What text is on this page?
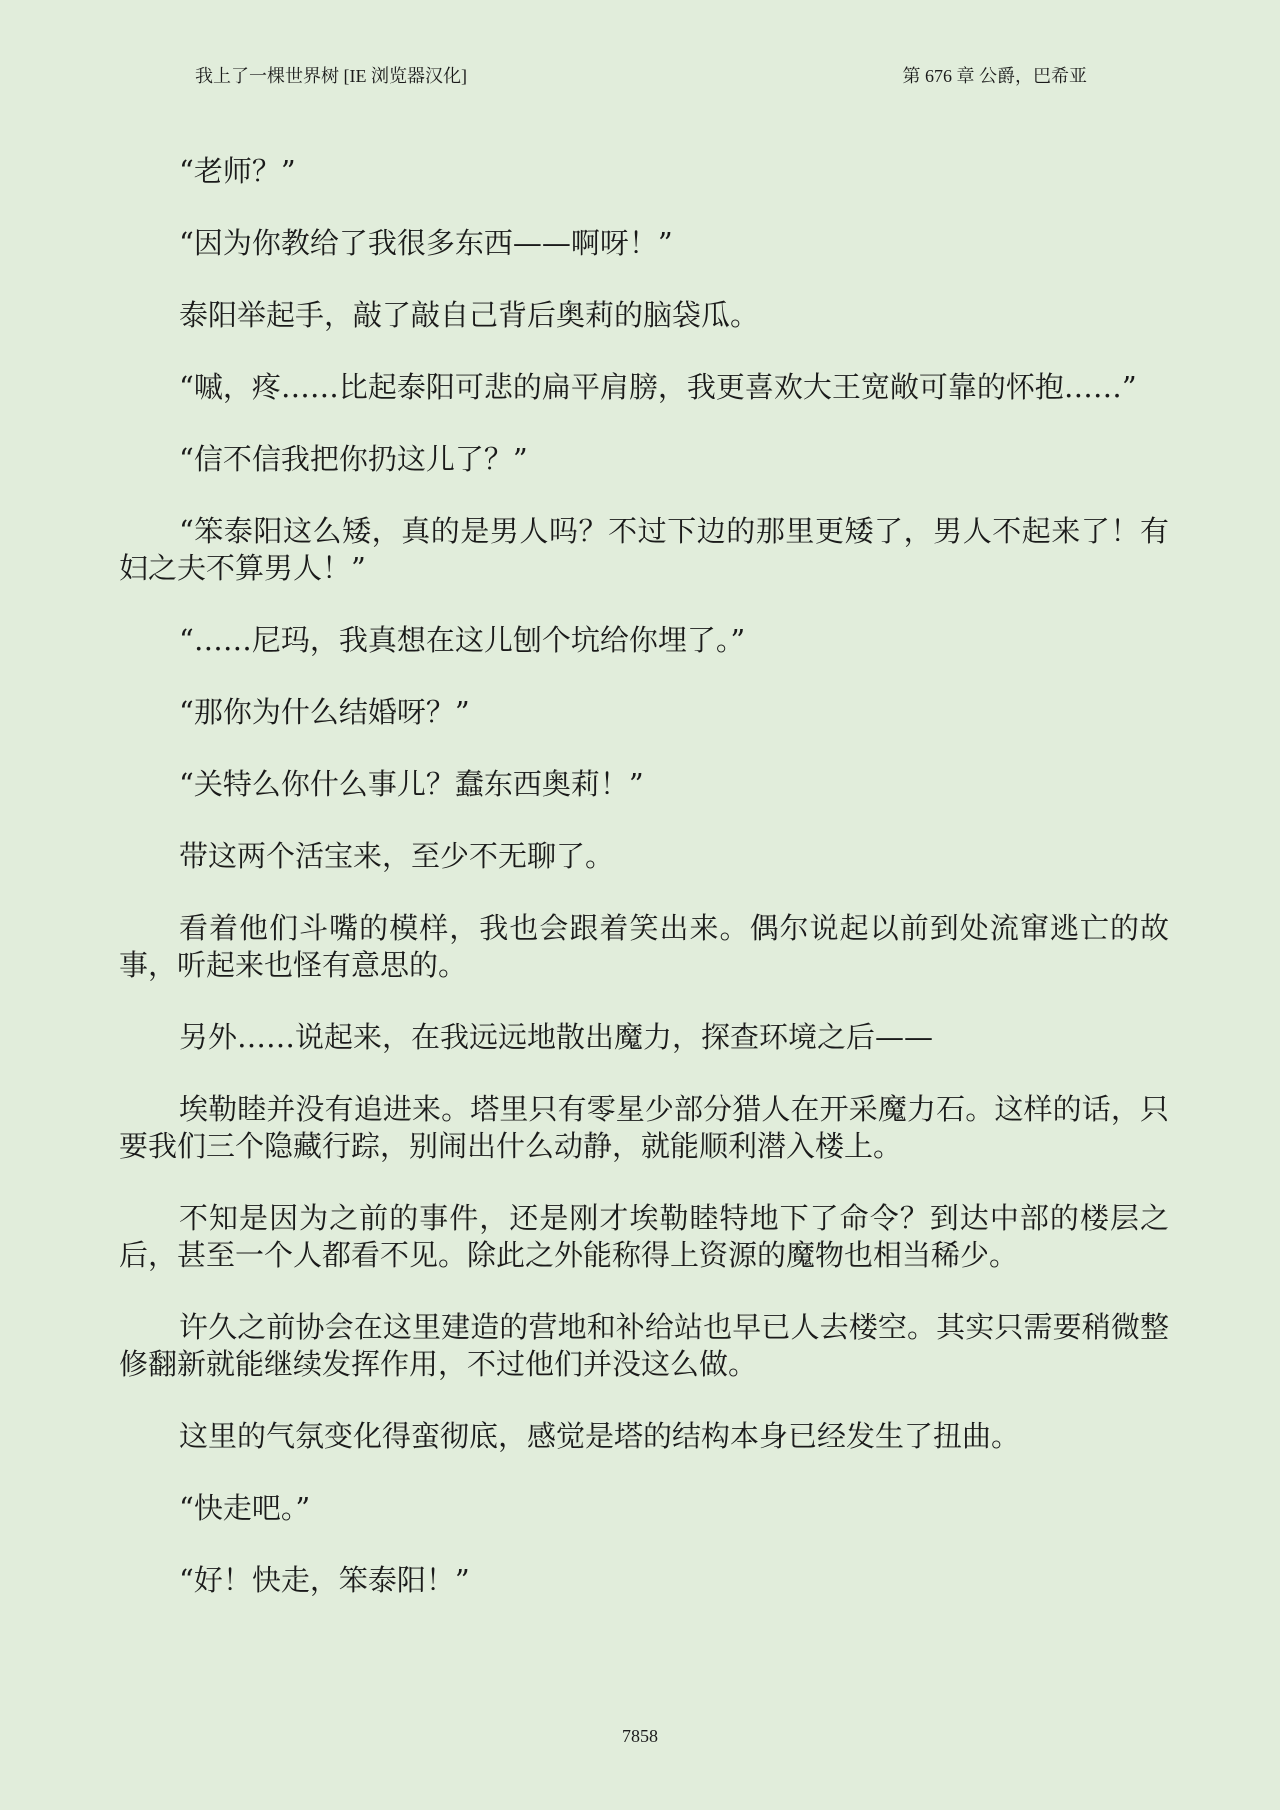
我上了一棵世界树 [IE 浏览器汉化]	第 676 章 公爵，巴希亚

“老师？”

“因为你教给了我很多东西——啊呀！”

泰阳举起手，敲了敲自己背后奥莉的脑袋瓜。

“嘁，疼……比起泰阳可悲的扁平肩膀，我更喜欢大王宽敞可靠的怀抱……”

“信不信我把你扔这儿了？”

“笨泰阳这么矮，真的是男人吗？不过下边的那里更矮了，男人不起来了！有妇之夫不算男人！”

“……尼玛，我真想在这儿刨个坑给你埋了。”

“那你为什么结婚呀？”

“关特么你什么事儿？蠢东西奥莉！”

带这两个活宝来，至少不无聊了。

看着他们斗嘴的模样，我也会跟着笑出来。偶尔说起以前到处流窜逃亡的故事，听起来也怪有意思的。

另外……说起来，在我远远地散出魔力，探查环境之后——

埃勒睦并没有追进来。塔里只有零星少部分猎人在开采魔力石。这样的话，只要我们三个隐藏行踪，别闹出什么动静，就能顺利潜入楼上。

不知是因为之前的事件，还是刚才埃勒睦特地下了命令？到达中部的楼层之后，甚至一个人都看不见。除此之外能称得上资源的魔物也相当稀少。

许久之前协会在这里建造的营地和补给站也早已人去楼空。其实只需要稍微整修翻新就能继续发挥作用，不过他们并没这么做。

这里的气氛变化得蛮彻底，感觉是塔的结构本身已经发生了扭曲。

“快走吧。”

“好！快走，笨泰阳！”

7858
